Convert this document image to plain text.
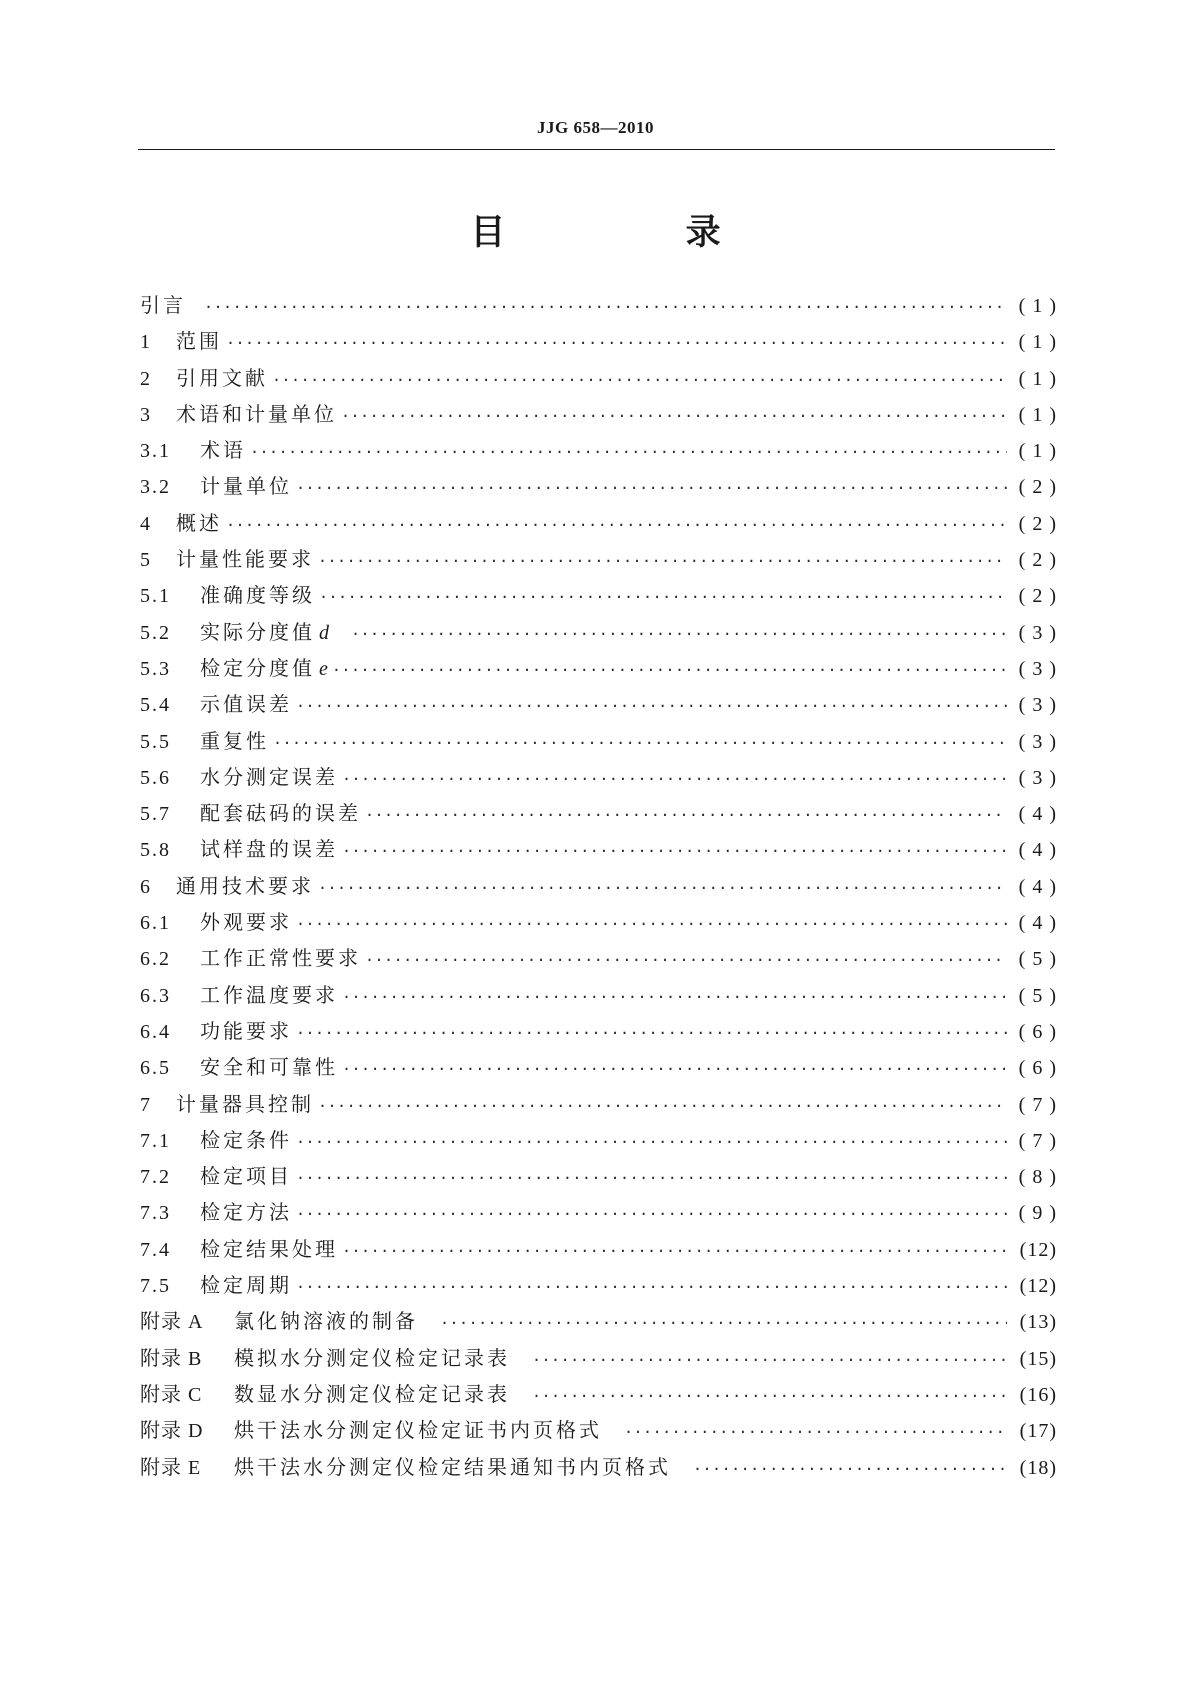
JJG 658—2010
目 录
引言 ·····	( 1 )
1	范围 ·····	( 1 )
2	引用文献 ·····	( 1 )
3	术语和计量单位 ·····	( 1 )
3.1	术语 ·····	( 1 )
3.2	计量单位 ·····	( 2 )
4	概述 ·····	( 2 )
5	计量性能要求 ·····	( 2 )
5.1	准确度等级 ·····	( 2 )
5.2	实际分度值 d ·····	( 3 )
5.3	检定分度值 e ·····	( 3 )
5.4	示值误差 ·····	( 3 )
5.5	重复性 ·····	( 3 )
5.6	水分测定误差 ·····	( 3 )
5.7	配套砝码的误差 ·····	( 4 )
5.8	试样盘的误差 ·····	( 4 )
6	通用技术要求 ·····	( 4 )
6.1	外观要求 ·····	( 4 )
6.2	工作正常性要求 ·····	( 5 )
6.3	工作温度要求 ·····	( 5 )
6.4	功能要求 ·····	( 6 )
6.5	安全和可靠性 ·····	( 6 )
7	计量器具控制 ·····	( 7 )
7.1	检定条件 ·····	( 7 )
7.2	检定项目 ·····	( 8 )
7.3	检定方法 ·····	( 9 )
7.4	检定结果处理 ·····	(12)
7.5	检定周期 ·····	(12)
附录 A	氯化钠溶液的制备 ·····	(13)
附录 B	模拟水分测定仪检定记录表 ·····	(15)
附录 C	数显水分测定仪检定记录表 ·····	(16)
附录 D	烘干法水分测定仪检定证书内页格式 ·····	(17)
附录 E	烘干法水分测定仪检定结果通知书内页格式 ·····	(18)
